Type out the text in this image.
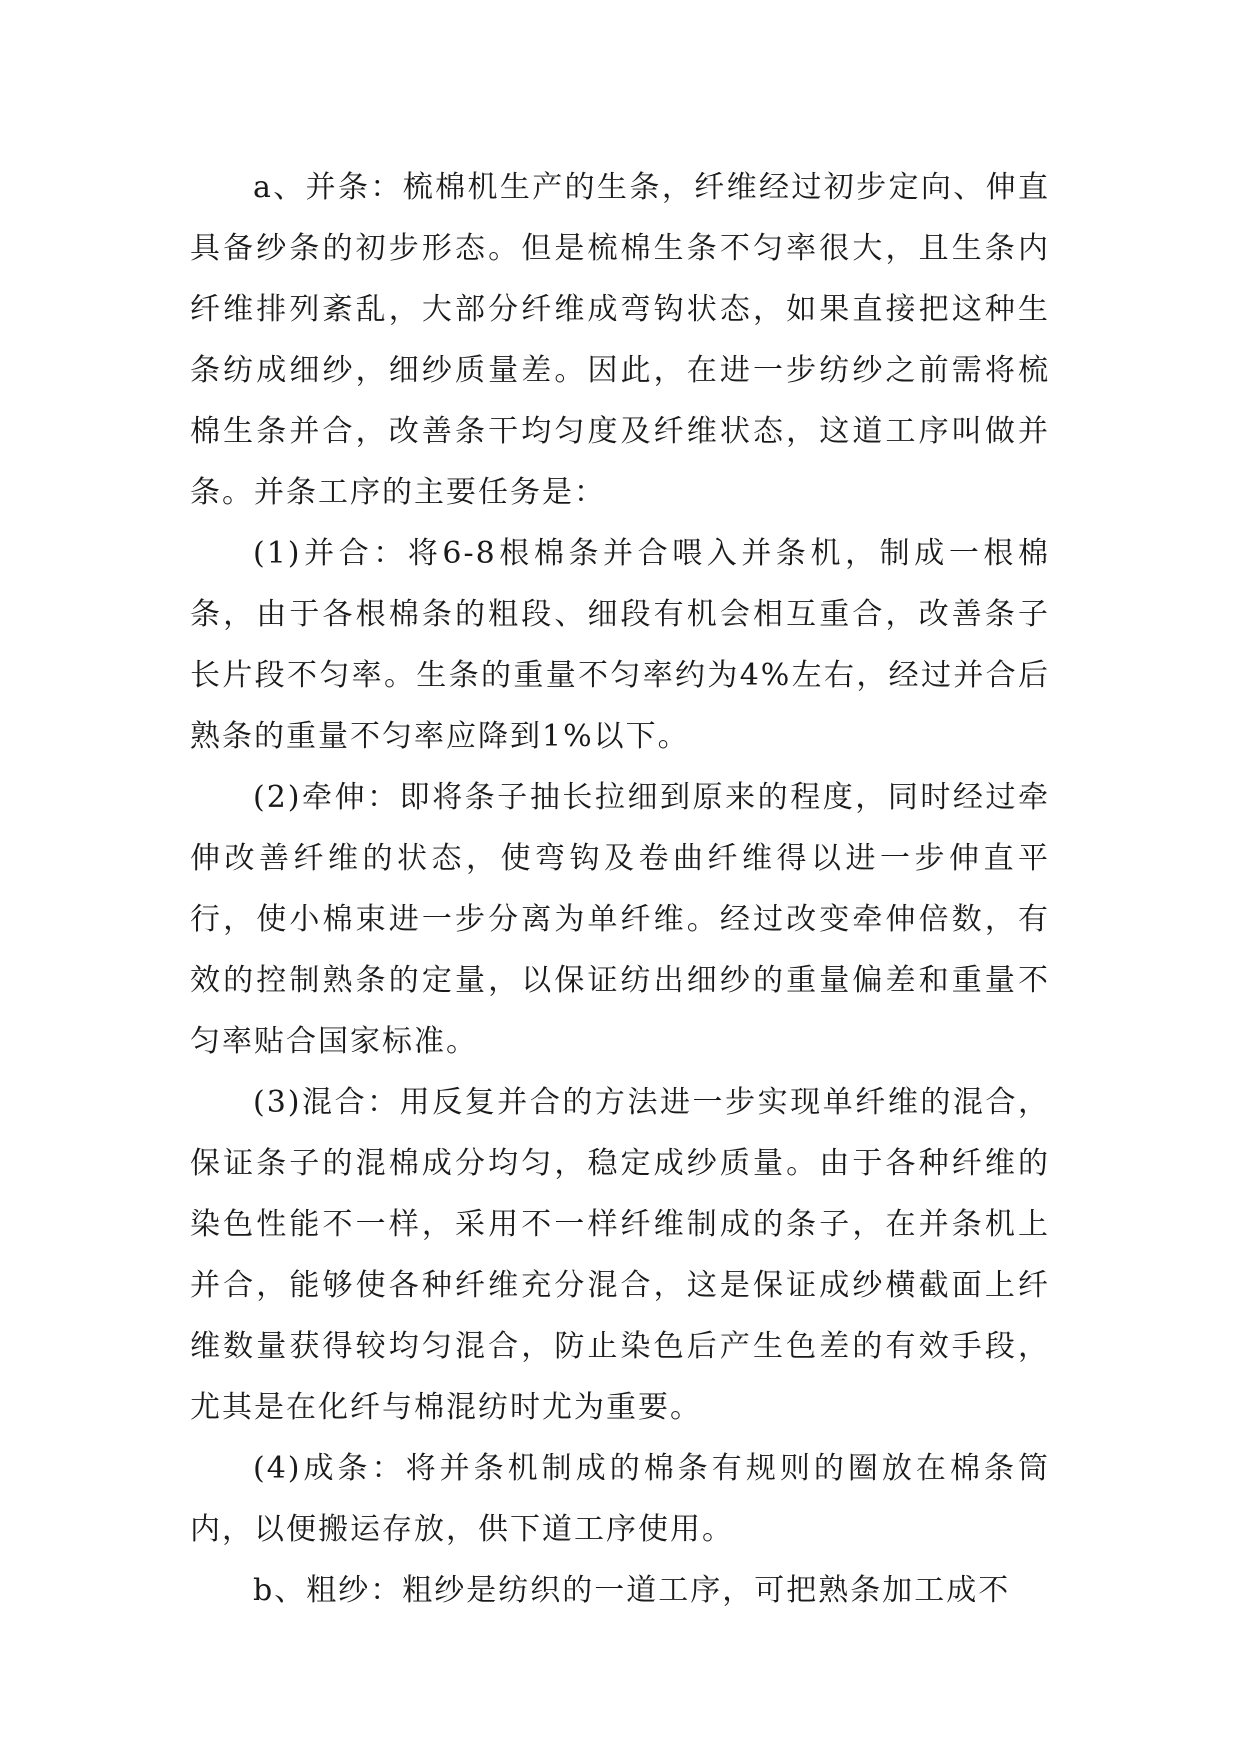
a、并条：梳棉机生产的生条，纤维经过初步定向、伸直具备纱条的初步形态。但是梳棉生条不匀率很大，且生条内纤维排列紊乱，大部分纤维成弯钩状态，如果直接把这种生条纺成细纱，细纱质量差。因此，在进一步纺纱之前需将梳棉生条并合，改善条干均匀度及纤维状态，这道工序叫做并条。并条工序的主要任务是：

(1)并合：将6-8根棉条并合喂入并条机，制成一根棉条，由于各根棉条的粗段、细段有机会相互重合，改善条子长片段不匀率。生条的重量不匀率约为4%左右，经过并合后熟条的重量不匀率应降到1%以下。

(2)牵伸：即将条子抽长拉细到原来的程度，同时经过牵伸改善纤维的状态，使弯钩及卷曲纤维得以进一步伸直平行，使小棉束进一步分离为单纤维。经过改变牵伸倍数，有效的控制熟条的定量，以保证纺出细纱的重量偏差和重量不匀率贴合国家标准。

(3)混合：用反复并合的方法进一步实现单纤维的混合，保证条子的混棉成分均匀，稳定成纱质量。由于各种纤维的染色性能不一样，采用不一样纤维制成的条子，在并条机上并合，能够使各种纤维充分混合，这是保证成纱横截面上纤维数量获得较均匀混合，防止染色后产生色差的有效手段，尤其是在化纤与棉混纺时尤为重要。

(4)成条：将并条机制成的棉条有规则的圈放在棉条筒内，以便搬运存放，供下道工序使用。

b、粗纱：粗纱是纺织的一道工序，可把熟条加工成不
